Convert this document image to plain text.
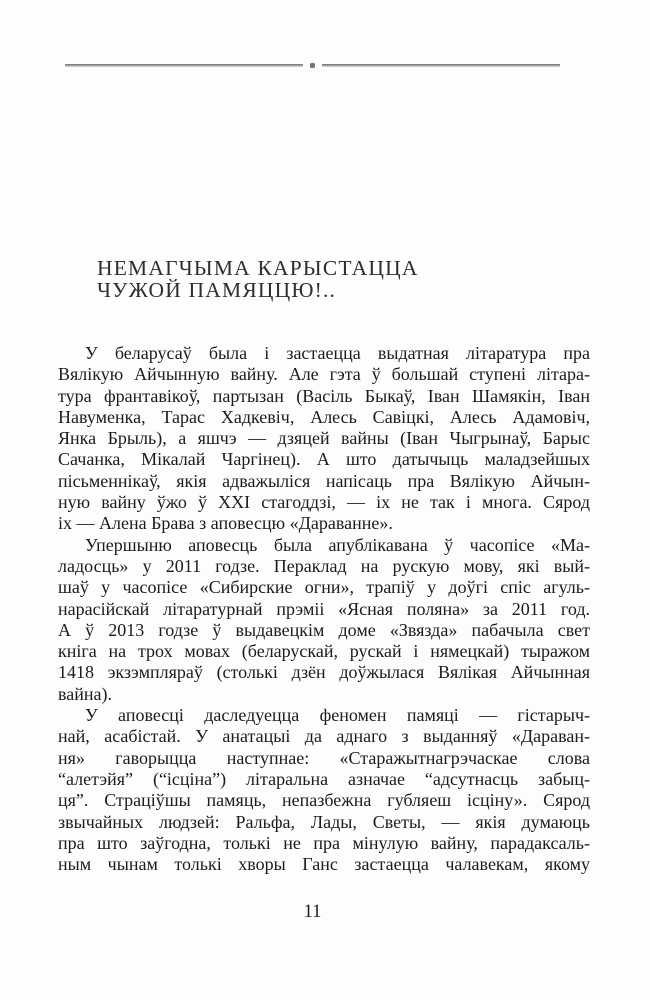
НЕМАГЧЫМА КАРЫСТАЦЦА
ЧУЖОЙ ПАМЯЦЦЮ!..
У беларусаў была і застаецца выдатная літаратура пра
Вялікую Айчынную вайну. Але гэта ў большай ступені літара-
тура франтавікоў, партызан (Васіль Быкаў, Іван Шамякін, Іван
Навуменка, Тарас Хадкевіч, Алесь Савіцкі, Алесь Адамовіч,
Янка Брыль), а яшчэ — дзяцей вайны (Іван Чыгрынаў, Барыс
Сачанка, Мікалай Чаргінец). А што датычыць маладзейшых
пісьменнікаў, якія адважыліся напісаць пра Вялікую Айчын-
ную вайну ўжо ў XXI стагоддзі, — іх не так і многа. Сярод
іх — Алена Брава з аповесцю «Дараванне».
Упершыню аповесць была апублікавана ў часопісе «Ма-
ладосць» у 2011 годзе. Пераклад на рускую мову, які вый-
шаў у часопісе «Сибирские огни», трапіў у доўгі спіс агуль-
нарасійскай літаратурнай прэміі «Ясная поляна» за 2011 год.
А ў 2013 годзе ў выдавецкім доме «Звязда» пабачыла свет
кніга на трох мовах (беларускай, рускай і нямецкай) тыражом
1418 экзэмпляраў (столькі дзён доўжылася Вялікая Айчынная
вайна).
У аповесці даследуецца феномен памяці — гістарыч-
най, асабістай. У анатацыі да аднаго з выданняў «Дараван-
ня» гаворыцца наступнае: «Старажытнагрэчаскае слова
“алетэйя” (“ісціна”) літаральна азначае “адсутнасць забыц-
ця”. Страціўшы памяць, непазбежна губляеш ісціну». Сярод
звычайных людзей: Ральфа, Лады, Светы, — якія думаюць
пра што заўгодна, толькі не пра мінулую вайну, парадаксаль-
ным чынам толькі хворы Ганс застаецца чалавекам, якому
11
